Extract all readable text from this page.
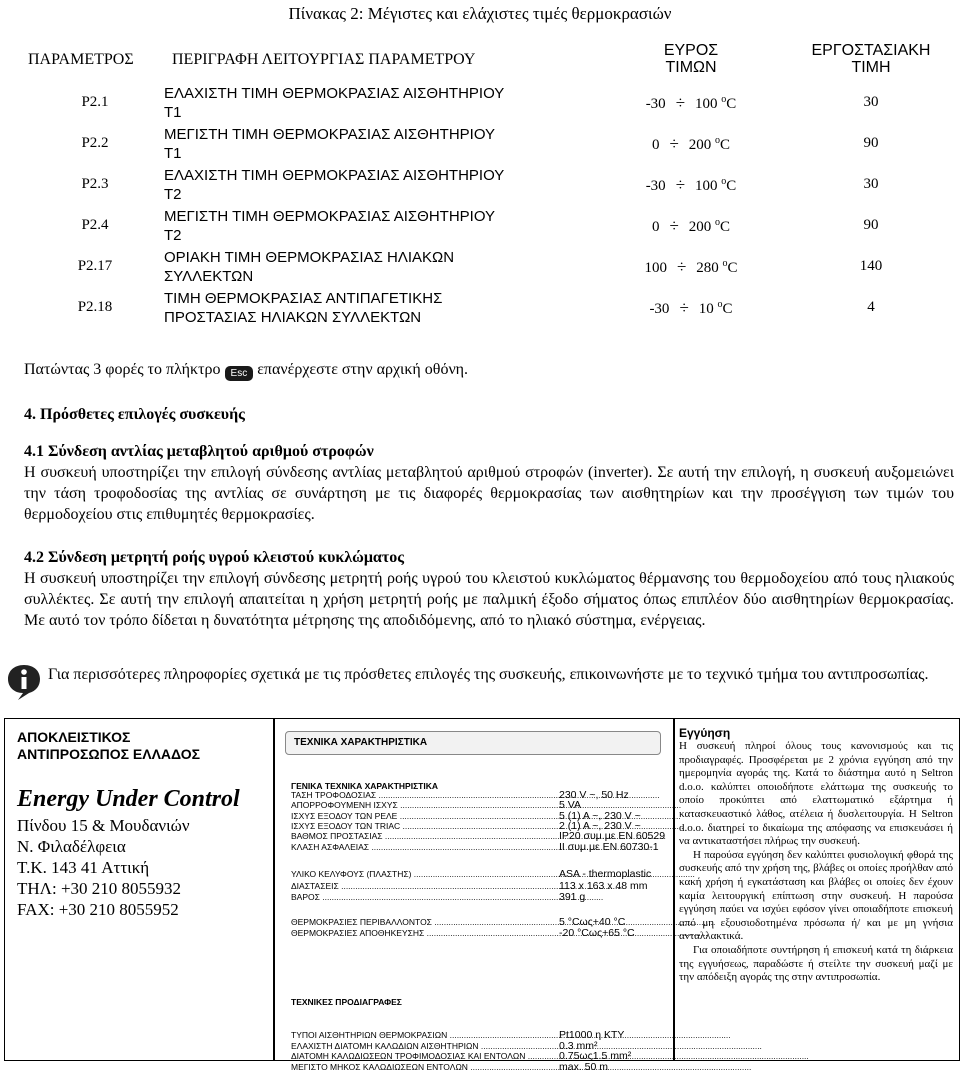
Πίνακας 2: Μέγιστες και ελάχιστες τιμές θερμοκρασιών
ΠΑΡΑΜΕΤΡΟΣ	ΠΕΡΙΓΡΑΦΗ ΛΕΙΤΟΥΡΓΙΑΣ ΠΑΡΑΜΕΤΡΟΥ	ΕΥΡΟΣ
ΤΙΜΩΝ	ΕΡΓΟΣΤΑΣΙΑΚΗ
ΤΙΜΗ
P2.1	ΕΛΑΧΙΣΤΗ ΤΙΜΗ ΘΕΡΜΟΚΡΑΣΙΑΣ ΑΙΣΘΗΤΗΡΙΟΥ
T1	-30 ÷ 100 $^o$C	30
P2.2	ΜΕΓΙΣΤΗ ΤΙΜΗ ΘΕΡΜΟΚΡΑΣΙΑΣ ΑΙΣΘΗΤΗΡΙΟΥ
T1	0 ÷ 200 $^o$C	90
P2.3	ΕΛΑΧΙΣΤΗ ΤΙΜΗ ΘΕΡΜΟΚΡΑΣΙΑΣ ΑΙΣΘΗΤΗΡΙΟΥ
T2	-30 ÷ 100 $^o$C	30
P2.4	ΜΕΓΙΣΤΗ ΤΙΜΗ ΘΕΡΜΟΚΡΑΣΙΑΣ ΑΙΣΘΗΤΗΡΙΟΥ
T2	0 ÷ 200 $^o$C	90
P2.17	ΟΡΙΑΚΗ ΤΙΜΗ ΘΕΡΜΟΚΡΑΣΙΑΣ ΗΛΙΑΚΩΝ
ΣΥΛΛΕΚΤΩΝ	100 ÷ 280 $^o$C	140
P2.18	ΤΙΜΗ ΘΕΡΜΟΚΡΑΣΙΑΣ ΑΝΤΙΠΑΓΕΤΙΚΗΣ
ΠΡΟΣΤΑΣΙΑΣ ΗΛΙΑΚΩΝ ΣΥΛΛΕΚΤΩΝ	-30 ÷ 10 $^o$C	4
Πατώντας 3 φορές το πλήκτρο Esc επανέρχεστε στην αρχική οθόνη.
4. Πρόσθετες επιλογές συσκευής
4.1 Σύνδεση αντλίας μεταβλητού αριθμού στροφών

Η συσκευή υποστηρίζει την επιλογή σύνδεσης αντλίας μεταβλητού αριθμού στροφών (inverter). Σε αυτή την επιλογή, η συσκευή αυξομειώνει την τάση τροφοδοσίας της αντλίας σε συνάρτηση με τις διαφορές θερμοκρασίας των αισθητηρίων και την προσέγγιση των τιμών του θερμοδοχείου στις επιθυμητές θερμοκρασίες.

4.2 Σύνδεση μετρητή ροής υγρού κλειστού κυκλώματος

Η συσκευή υποστηρίζει την επιλογή σύνδεσης μετρητή ροής υγρού του κλειστού κυκλώματος θέρμανσης του θερμοδοχείου από τους ηλιακούς συλλέκτες. Σε αυτή την επιλογή απαιτείται η χρήση μετρητή ροής με παλμική έξοδο σήματος όπως επιπλέον δύο αισθητηρίων θερμοκρασίας. Με αυτό τον τρόπο δίδεται η δυνατότητα μέτρησης της αποδιδόμενης, από το ηλιακό σύστημα, ενέργειας.

Για περισσότερες πληροφορίες σχετικά με τις πρόσθετες επιλογές της συσκευής, επικοινωνήστε με το τεχνικό τμήμα του αντιπροσωπίας.
ΑΠΟΚΛΕΙΣΤΙΚΟΣ
ΑΝΤΙΠΡΟΣΩΠΟΣ ΕΛΛΑΔΟΣ
Energy Under Control
Πίνδου 15 & Μουδανιών
Ν. Φιλαδέλφεια
Τ.Κ. 143 41 Αττική
ΤΗΛ: +30 210 8055932
FAX: +30 210 8055952
ΤΕΧΝΙΚΑ ΧΑΡΑΚΤΗΡΙΣΤΙΚΑ
ΓΕΝΙΚΑ ΤΕΧΝΙΚΑ ΧΑΡΑΚΤΗΡΙΣΤΙΚΑ
ΤΑΣΗ ΤΡΟΦΟΔΟΣΙΑΣ .....	230 V ~, 50 Hz
ΑΠΟΡΡΟΦΟΥΜΕΝΗ ΙΣΧΥΣ .....	5 VA
ΙΣΧΥΣ ΕΞΟΔΟΥ ΤΩΝ ΡΕΛΕ .....	5 (1) A ~, 230 V ~
ΙΣΧΥΣ ΕΞΟΔΟΥ ΤΩΝ TRIAC .....	2 (1) A ~, 230 V ~
ΒΑΘΜΟΣ ΠΡΟΣΤΑΣΙΑΣ .....	IP20 συμ.με EN 60529
ΚΛΑΣΗ ΑΣΦΑΛΕΙΑΣ .....	II συμ.με EN 60730-1
ΥΛΙΚΟ ΚΕΛΥΦΟΥΣ (ΠΛΑΣΤΗΣ) .....	ASA - thermoplastic
ΔΙΑΣΤΑΣΕΙΣ .....	113 x 163 x 48 mm
ΒΑΡΟΣ .....	391 g
ΘΕΡΜΟΚΡΑΣΙΕΣ ΠΕΡΙΒΑΛΛΟΝΤΟΣ .....	5 °Cως+40 °C
ΘΕΡΜΟΚΡΑΣΙΕΣ ΑΠΟΘΗΚΕΥΣΗΣ .....	-20 °Cως+65 °C
ΤΥΠΟΙ ΑΙΣΘΗΤΗΡΙΩΝ ΘΕΡΜΟΚΡΑΣΙΩΝ .....	Pt1000 η KTY
ΕΛΑΧΙΣΤΗ ΔΙΑΤΟΜΗ ΚΑΛΩΔΙΩΝ ΑΙΣΘΗΤΗΡΙΩΝ .....	0.3 mm²
ΔΙΑΤΟΜΗ ΚΑΛΩΔΙΩΣΕΩΝ ΤΡΟΦΙΜΟΔΟΣΙΑΣ ΚΑΙ ΕΝΤΟΛΩΝ .....	0.75ως1.5 mm²
ΜΕΓΙΣΤΟ ΜΗΚΟΣ ΚΑΛΩΔΙΩΣΕΩΝ ΕΝΤΟΛΩΝ .....	max. 50 m
ΤΕΧΝΙΚΕΣ ΠΡΟΔΙΑΓΡΑΦΕΣ
Εγγύηση

Η συσκευή πληροί όλους τους κανονισμούς και τις προδιαγραφές. Προσφέρεται με 2 χρόνια εγγύηση από την ημερομηνία αγοράς της. Κατά το διάστημα αυτό η Seltron d.o.o. καλύπτει οποιοδήποτε ελάττωμα της συσκευής το οποίο προκύπτει από ελαττωματικό εξάρτημα ή κατασκευαστικό λάθος, ατέλεια ή δυσλειτουργία. Η Seltron d.o.o. διατηρεί το δικαίωμα της απόφασης να επισκευάσει ή να αντικαταστήσει πλήρως την συσκευή.

Η παρούσα εγγύηση δεν καλύπτει φυσιολογική φθορά της συσκευής από την χρήση της, βλάβες οι οποίες προήλθαν από κακή χρήση ή εγκατάσταση και βλάβες οι οποίες δεν έχουν καμία λειτουργική επίπτωση στην συσκευή. Η παρούσα εγγύηση παύει να ισχύει εφόσον γίνει οποιαδήποτε επισκευή από μη εξουσιοδοτημένα πρόσωπα ή/ και με μη γνήσια ανταλλακτικά.

Για οποιαδήποτε συντήρηση ή επισκευή κατά τη διάρκεια της εγγυήσεως, παραδώστε ή στείλτε την συσκευή μαζί με την απόδειξη αγοράς της στην αντιπροσωπία.
